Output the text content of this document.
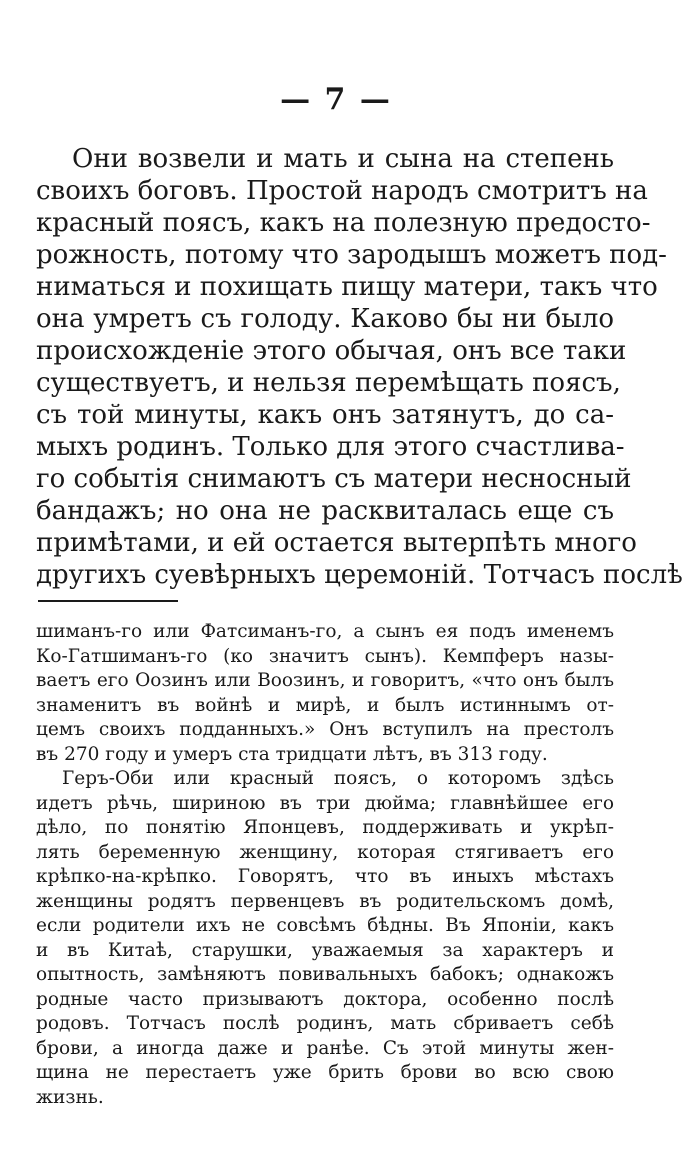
— 7 —
Они возвели и мать и сына на степень
своихъ боговъ. Простой народъ смотритъ на
красный поясъ, какъ на полезную предосто-
рожность, потому что зародышъ можетъ под-
ниматься и похищать пищу матери, такъ что
она умретъ съ голоду. Каково бы ни было
происхожденіе этого обычая, онъ все таки
существуетъ, и нельзя перемѣщать поясъ,
съ той минуты, какъ онъ затянутъ, до са-
мыхъ родинъ. Только для этого счастлива-
го событія снимаютъ съ матери несносный
бандажъ; но она не расквиталась еще съ
примѣтами, и ей остается вытерпѣть много
другихъ суевѣрныхъ церемоній. Тотчасъ послѣ
шиманъ-го или Фатсиманъ-го, а сынъ ея подъ именемъ
Ко-Гатшиманъ-го (ко значитъ сынъ). Кемпферъ назы-
ваетъ его Оозинъ или Воозинъ, и говоритъ, «что онъ былъ
знаменитъ въ войнѣ и мирѣ, и былъ истиннымъ от-
цемъ своихъ подданныхъ.» Онъ вступилъ на престолъ
въ 270 году и умеръ ста тридцати лѣтъ, въ 313 году.
Геръ-Оби или красный поясъ, о которомъ здѣсь
идетъ рѣчь, шириною въ три дюйма; главнѣйшее его
дѣло, по понятію Японцевъ, поддерживать и укрѣп-
лять беременную женщину, которая стягиваетъ его
крѣпко-на-крѣпко. Говорятъ, что въ иныхъ мѣстахъ
женщины родятъ первенцевъ въ родительскомъ домѣ,
если родители ихъ не совсѣмъ бѣдны. Въ Японіи, какъ
и въ Китаѣ, старушки, уважаемыя за характеръ и
опытность, замѣняютъ повивальныхъ бабокъ; однакожъ
родные часто призываютъ доктора, особенно послѣ
родовъ. Тотчасъ послѣ родинъ, мать сбриваетъ себѣ
брови, а иногда даже и ранѣе. Съ этой минуты жен-
щина не перестаетъ уже брить брови во всю свою
жизнь.
